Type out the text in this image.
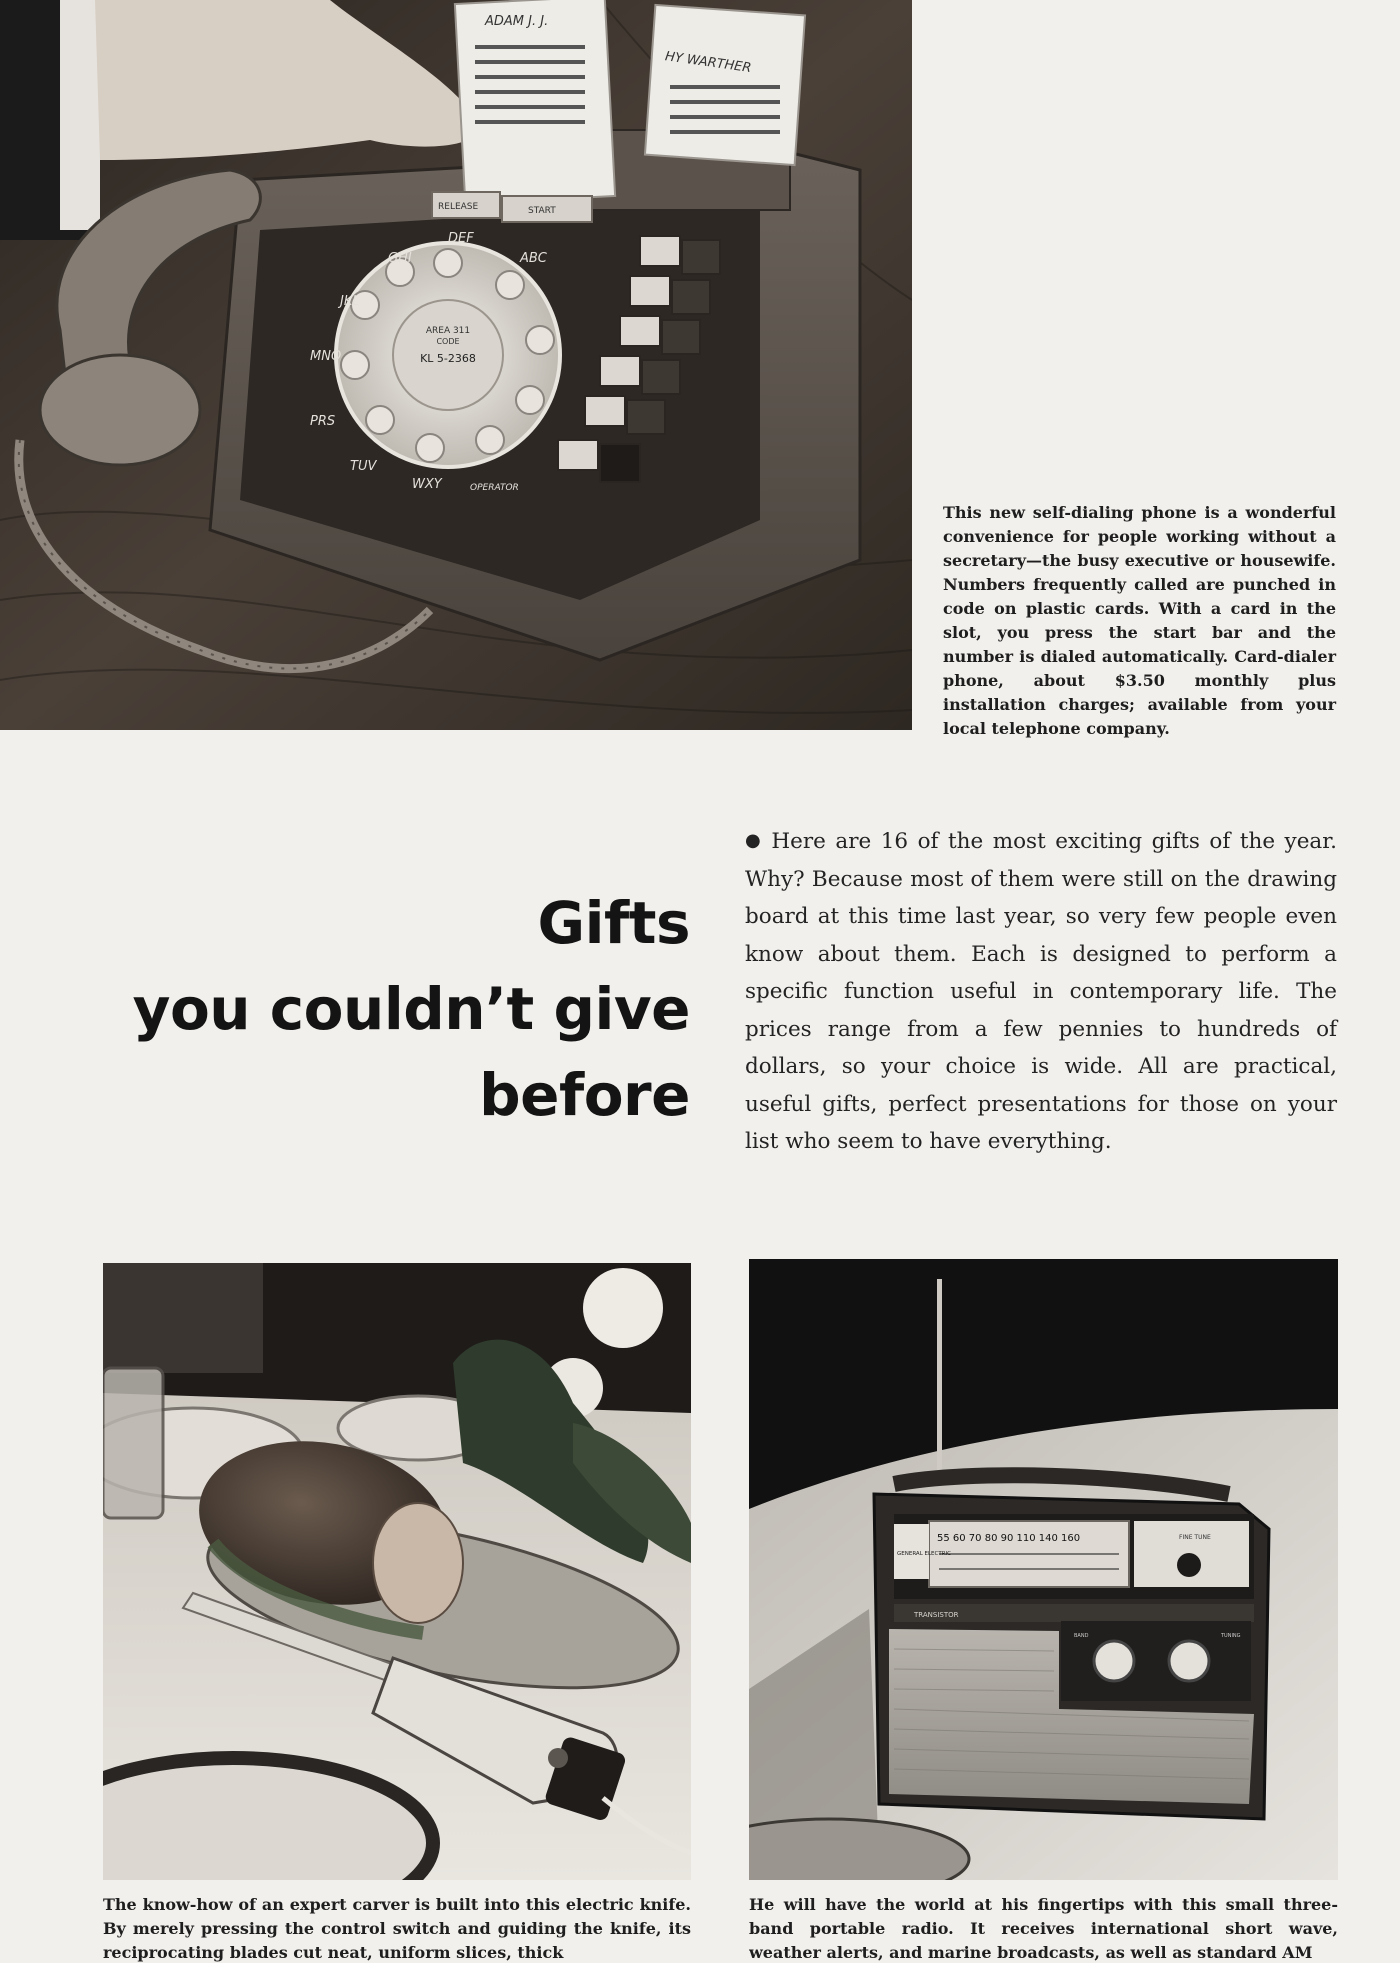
AREA 311
CODE
KL 5-2368
ABC
DEF
GHI
JKL
MNO
PRS
TUV
WXY	OPERATOR
ADAM J. J.
HY WARTHER
RELEASE	START

This new self-dialing phone is a wonderful convenience for people working without a secretary—the busy executive or housewife. Numbers frequently called are punched in code on plastic cards. With a card in the slot, you press the start bar and the number is dialed automatically. Card-dialer phone, about $3.50 monthly plus installation charges; available from your local telephone company.

Gifts
you couldn’t give
before

● Here are 16 of the most exciting gifts of the year. Why? Because most of them were still on the drawing board at this time last year, so very few people even know about them. Each is designed to perform a specific function useful in contemporary life. The prices range from a few pennies to hundreds of dollars, so your choice is wide. All are practical, useful gifts, perfect presentations for those on your list who seem to have everything.

55 60 70 80 90 110 140 160
GENERAL ELECTRIC
FINE TUNE
TRANSISTOR
BAND	TUNING

The know-how of an expert carver is built into this electric knife. By merely pressing the control switch and guiding the knife, its reciprocating blades cut neat, uniform slices, thick

He will have the world at his fingertips with this small three-band portable radio. It receives international short wave, weather alerts, and marine broadcasts, as well as standard AM
